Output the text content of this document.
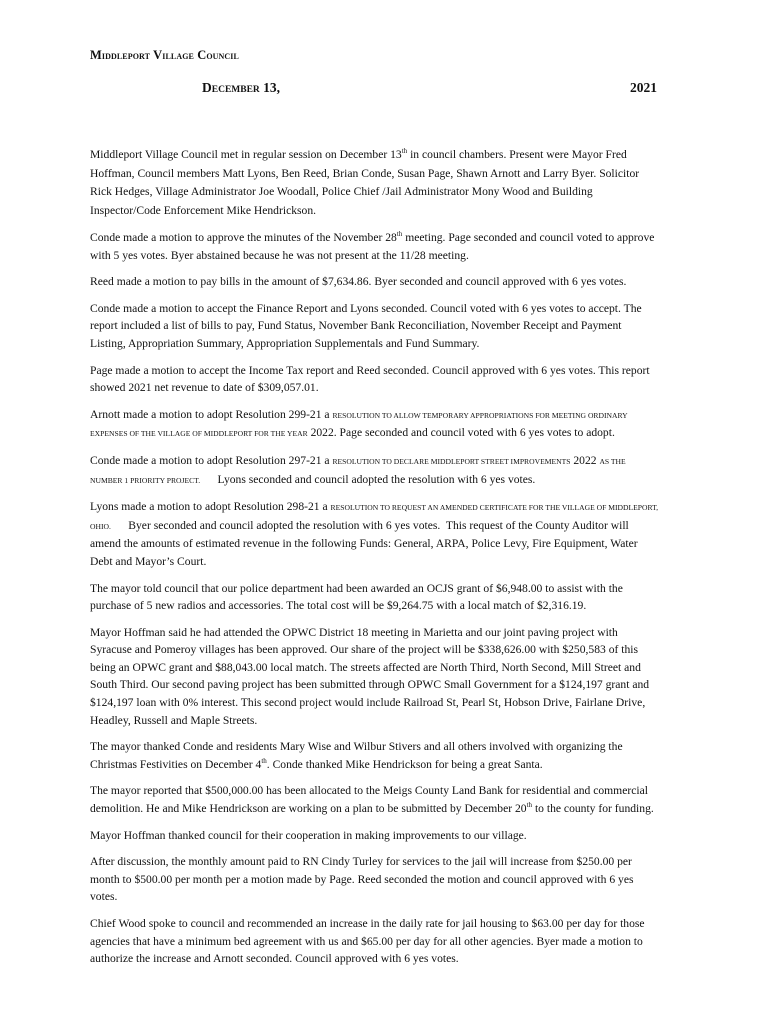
MIDDLEPORT VILLAGE COUNCIL
DECEMBER 13,	2021

Middleport Village Council met in regular session on December 13th in council chambers. Present were Mayor Fred Hoffman, Council members Matt Lyons, Ben Reed, Brian Conde, Susan Page, Shawn Arnott and Larry Byer. Solicitor Rick Hedges, Village Administrator Joe Woodall, Police Chief /Jail Administrator Mony Wood and Building Inspector/Code Enforcement Mike Hendrickson.

Conde made a motion to approve the minutes of the November 28th meeting. Page seconded and council voted to approve with 5 yes votes. Byer abstained because he was not present at the 11/28 meeting.

Reed made a motion to pay bills in the amount of $7,634.86. Byer seconded and council approved with 6 yes votes.

Conde made a motion to accept the Finance Report and Lyons seconded. Council voted with 6 yes votes to accept. The report included a list of bills to pay, Fund Status, November Bank Reconciliation, November Receipt and Payment Listing, Appropriation Summary, Appropriation Supplementals and Fund Summary.

Page made a motion to accept the Income Tax report and Reed seconded. Council approved with 6 yes votes. This report showed 2021 net revenue to date of $309,057.01.

Arnott made a motion to adopt Resolution 299-21 a RESOLUTION TO ALLOW TEMPORARY APPROPRIATIONS FOR MEETING ORDINARY EXPENSES OF THE VILLAGE OF MIDDLEPORT FOR THE YEAR 2022. Page seconded and council voted with 6 yes votes to adopt.

Conde made a motion to adopt Resolution 297-21 a RESOLUTION TO DECLARE MIDDLEPORT STREET IMPROVEMENTS 2022 AS THE NUMBER 1 PRIORITY PROJECT.      Lyons seconded and council adopted the resolution with 6 yes votes.

Lyons made a motion to adopt Resolution 298-21 a RESOLUTION TO REQUEST AN AMENDED CERTIFICATE FOR THE VILLAGE OF MIDDLEPORT, OHIO.      Byer seconded and council adopted the resolution with 6 yes votes.  This request of the County Auditor will amend the amounts of estimated revenue in the following Funds: General, ARPA, Police Levy, Fire Equipment, Water Debt and Mayor’s Court.

The mayor told council that our police department had been awarded an OCJS grant of $6,948.00 to assist with the purchase of 5 new radios and accessories. The total cost will be $9,264.75 with a local match of $2,316.19.

Mayor Hoffman said he had attended the OPWC District 18 meeting in Marietta and our joint paving project with Syracuse and Pomeroy villages has been approved. Our share of the project will be $338,626.00 with $250,583 of this being an OPWC grant and $88,043.00 local match. The streets affected are North Third, North Second, Mill Street and South Third. Our second paving project has been submitted through OPWC Small Government for a $124,197 grant and $124,197 loan with 0% interest. This second project would include Railroad St, Pearl St, Hobson Drive, Fairlane Drive, Headley, Russell and Maple Streets.

The mayor thanked Conde and residents Mary Wise and Wilbur Stivers and all others involved with organizing the Christmas Festivities on December 4th. Conde thanked Mike Hendrickson for being a great Santa.

The mayor reported that $500,000.00 has been allocated to the Meigs County Land Bank for residential and commercial demolition. He and Mike Hendrickson are working on a plan to be submitted by December 20th to the county for funding.

Mayor Hoffman thanked council for their cooperation in making improvements to our village.

After discussion, the monthly amount paid to RN Cindy Turley for services to the jail will increase from $250.00 per month to $500.00 per month per a motion made by Page. Reed seconded the motion and council approved with 6 yes votes.

Chief Wood spoke to council and recommended an increase in the daily rate for jail housing to $63.00 per day for those agencies that have a minimum bed agreement with us and $65.00 per day for all other agencies. Byer made a motion to authorize the increase and Arnott seconded. Council approved with 6 yes votes.
